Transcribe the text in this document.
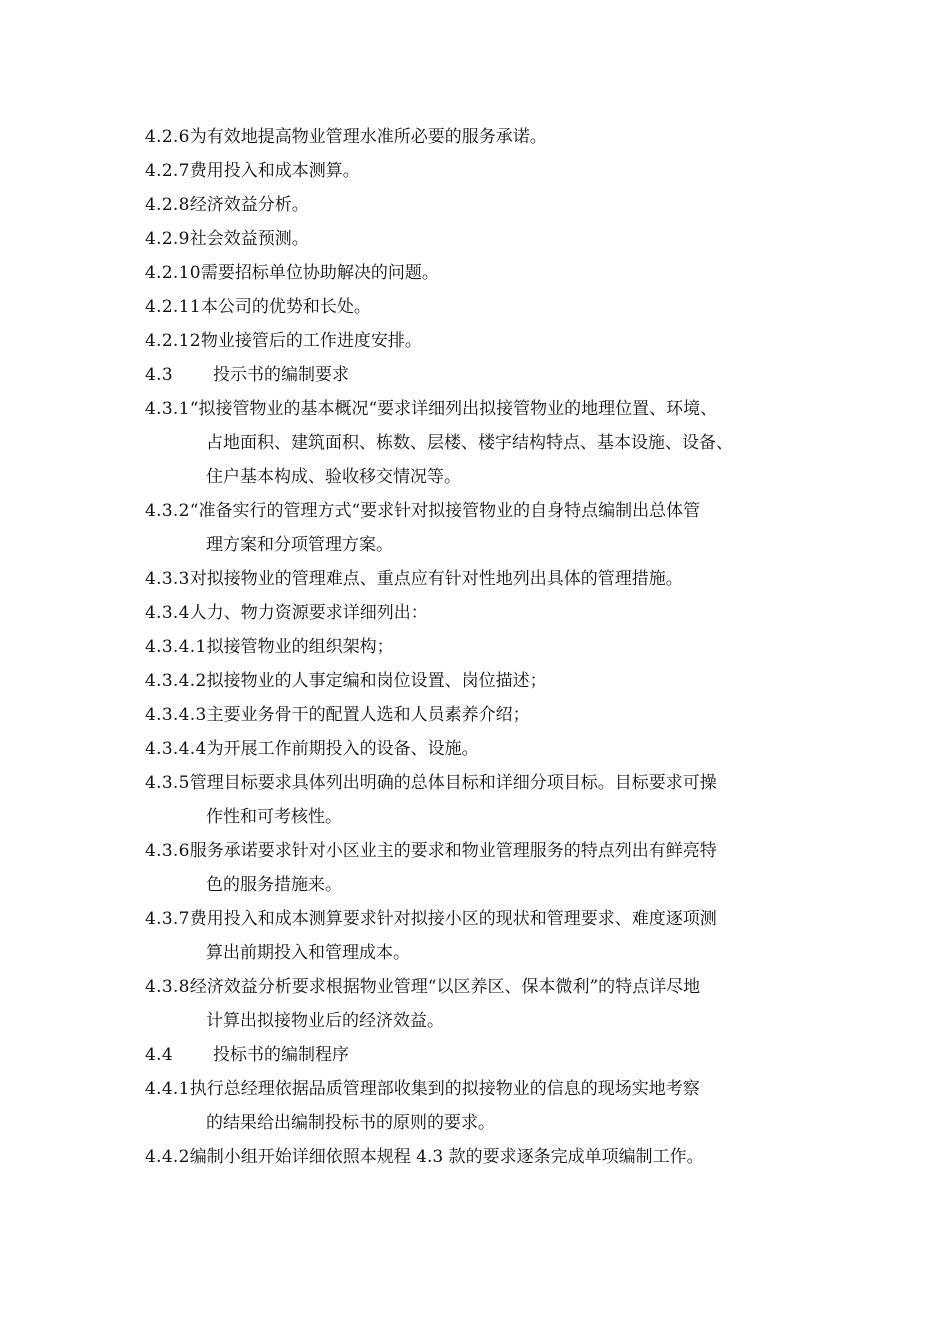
4.2.6 为有效地提高物业管理水准所必要的服务承诺。
4.2.7 费用投入和成本测算。
4.2.8 经济效益分析。
4.2.9 社会效益预测。
4.2.10 需要招标单位协助解决的问题。
4.2.11 本公司的优势和长处。
4.2.12 物业接管后的工作进度安排。
4.3	投示书的编制要求
4.3.1 “拟接管物业的基本概况“要求详细列出拟接管物业的地理位置、环境、
占地面积、建筑面积、栋数、层楼、楼宇结构特点、基本设施、设备、
住户基本构成、验收移交情况等。
4.3.2 “准备实行的管理方式“要求针对拟接管物业的自身特点编制出总体管
理方案和分项管理方案。
4.3.3 对拟接物业的管理难点、重点应有针对性地列出具体的管理措施。
4.3.4 人力、物力资源要求详细列出：
4.3.4.1 拟接管物业的组织架构；
4.3.4.2 拟接物业的人事定编和岗位设置、岗位描述；
4.3.4.3 主要业务骨干的配置人选和人员素养介绍；
4.3.4.4 为开展工作前期投入的设备、设施。
4.3.5 管理目标要求具体列出明确的总体目标和详细分项目标。目标要求可操
作性和可考核性。
4.3.6 服务承诺要求针对小区业主的要求和物业管理服务的特点列出有鲜亮特
色的服务措施来。
4.3.7 费用投入和成本测算要求针对拟接小区的现状和管理要求、难度逐项测
算出前期投入和管理成本。
4.3.8 经济效益分析要求根据物业管理“以区养区、保本微利”的特点详尽地
计算出拟接物业后的经济效益。
4.4	投标书的编制程序
4.4.1 执行总经理依据品质管理部收集到的拟接物业的信息的现场实地考察
的结果给出编制投标书的原则的要求。
4.4.2 编制小组开始详细依照本规程 4.3 款的要求逐条完成单项编制工作。
